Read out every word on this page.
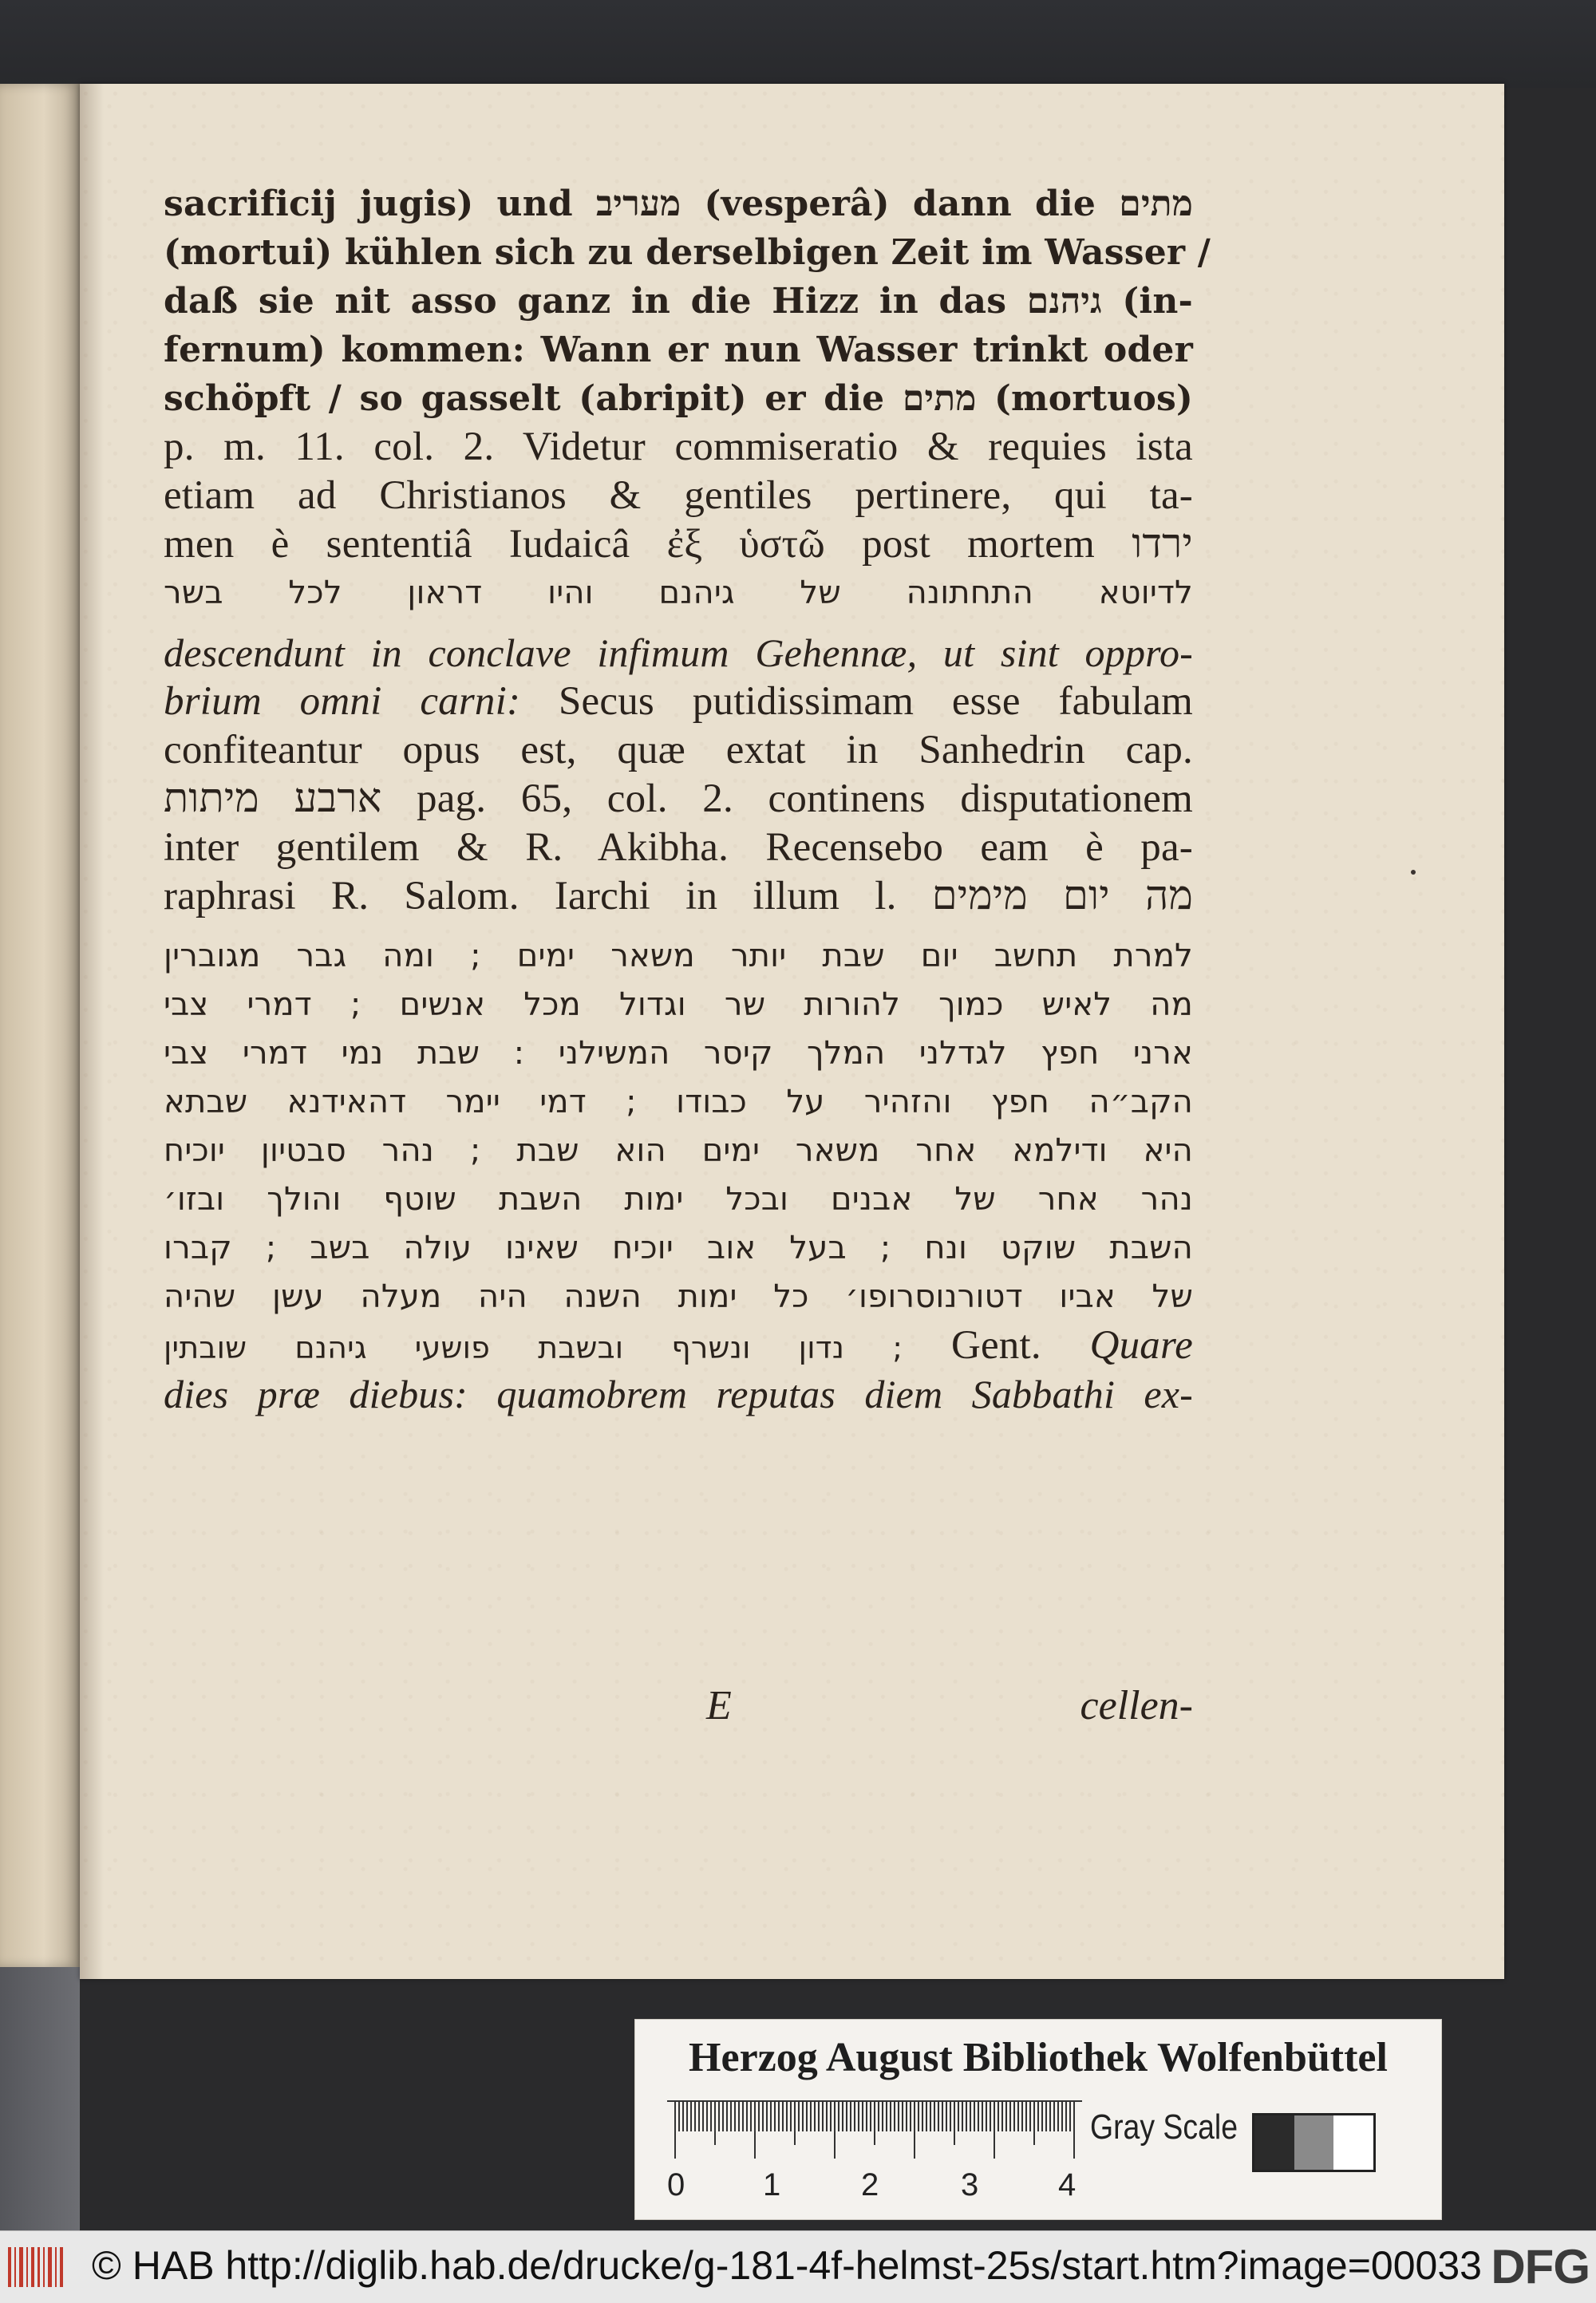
sacrificij jugis) und מעריב (vesperâ) dann die מתים
(mortui) kühlen sich zu derselbigen Zeit im Wasser /
daß sie nit asso ganz in die Hizz in das גיהנם (in-
fernum) kommen: Wann er nun Wasser trinkt oder
schöpft / so gasselt (abripit) er die מתים (mortuos)
p. m. 11. col. 2. Videtur commiseratio & requies ista
etiam ad Christianos & gentiles pertinere, qui ta-
men è sententiâ Iudaicâ ἐξ ὑστῶ post mortem ירדו
לדיוטא התחתונה של גיהנם והיו דראון לכל בשר
descendunt in conclave infimum Gehennæ, ut sint oppro-
brium omni carni: Secus putidissimam esse fabulam
confiteantur opus est, quæ extat in Sanhedrin cap.
ארבע מיתות pag. 65, col. 2. continens disputationem
inter gentilem & R. Akibha. Recensebo eam è pa-
raphrasi R. Salom. Iarchi in illum l. מה יום מימים
למרת תחשב יום שבת יותר משאר ימים ; ומה גבר מגוברין
מה לאיש כמוך להורות שר וגדול מכל אנשים ; דמרי צבי
ארני חפץ לגדלני המלך קיסר המשילני : שבת נמי דמרי צבי
הקב״ה חפץ והזהיר על כבודו ; דמי יימר דהאידנא שבתא
היא ודילמא אחר משאר ימים הוא שבת ; נהר סבטיון יוכיח
נהר אחר של אבנים ובכל ימות השבת שוטף והולך ובזו׳
השבת שוקט ונח ; בעל אוב יוכיח שאינו עולה בשב ; קברו
של אביו דטורנוסרופו׳ כל ימות השנה היה מעלה עשן שהיה
נדון ונשרף ובשבת פושעי גיהנם שובתין ; Gent. Quare
dies præ diebus: quamobrem reputas diem Sabbathi ex-
E	cellen-
Herzog August Bibliothek Wolfenbüttel
0 1	2	3 4
Gray Scale
© HAB http://diglib.hab.de/drucke/g-181-4f-helmst-25s/start.htm?image=00033 DFG
